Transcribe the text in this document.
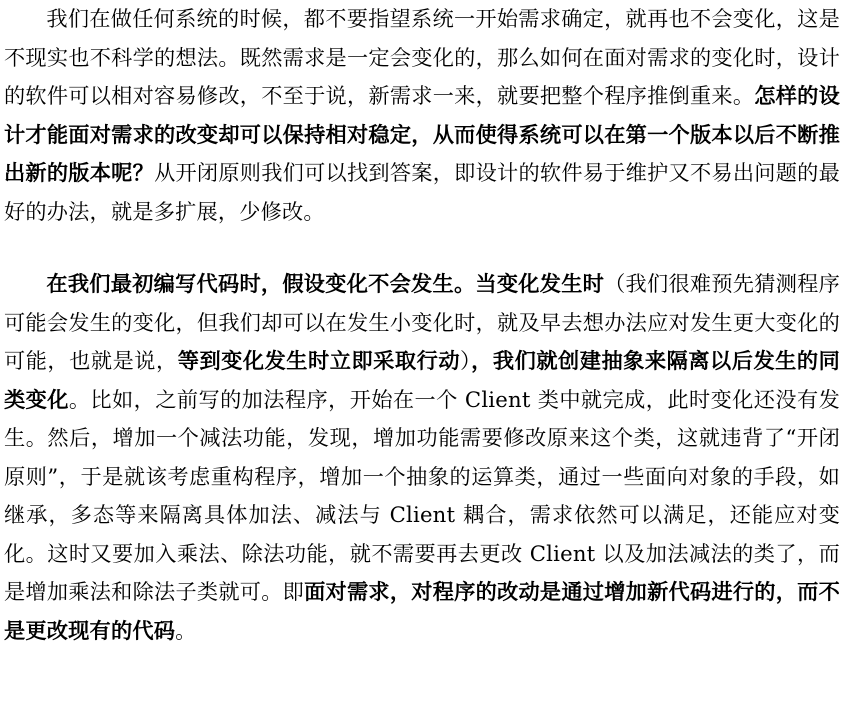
我们在做任何系统的时候，都不要指望系统一开始需求确定，就再也不会变化，这是不现实也不科学的想法。既然需求是一定会变化的，那么如何在面对需求的变化时，设计的软件可以相对容易修改，不至于说，新需求一来，就要把整个程序推倒重来。怎样的设计才能面对需求的改变却可以保持相对稳定，从而使得系统可以在第一个版本以后不断推出新的版本呢？从开闭原则我们可以找到答案，即设计的软件易于维护又不易出问题的最好的办法，就是多扩展，少修改。

在我们最初编写代码时，假设变化不会发生。当变化发生时（我们很难预先猜测程序可能会发生的变化，但我们却可以在发生小变化时，就及早去想办法应对发生更大变化的可能，也就是说，等到变化发生时立即采取行动），我们就创建抽象来隔离以后发生的同类变化。比如，之前写的加法程序，开始在一个 Client 类中就完成，此时变化还没有发生。然后，增加一个减法功能，发现，增加功能需要修改原来这个类，这就违背了“开闭原则”，于是就该考虑重构程序，增加一个抽象的运算类，通过一些面向对象的手段，如继承，多态等来隔离具体加法、减法与 Client 耦合，需求依然可以满足，还能应对变化。这时又要加入乘法、除法功能，就不需要再去更改 Client 以及加法减法的类了，而是增加乘法和除法子类就可。即面对需求，对程序的改动是通过增加新代码进行的，而不是更改现有的代码。
